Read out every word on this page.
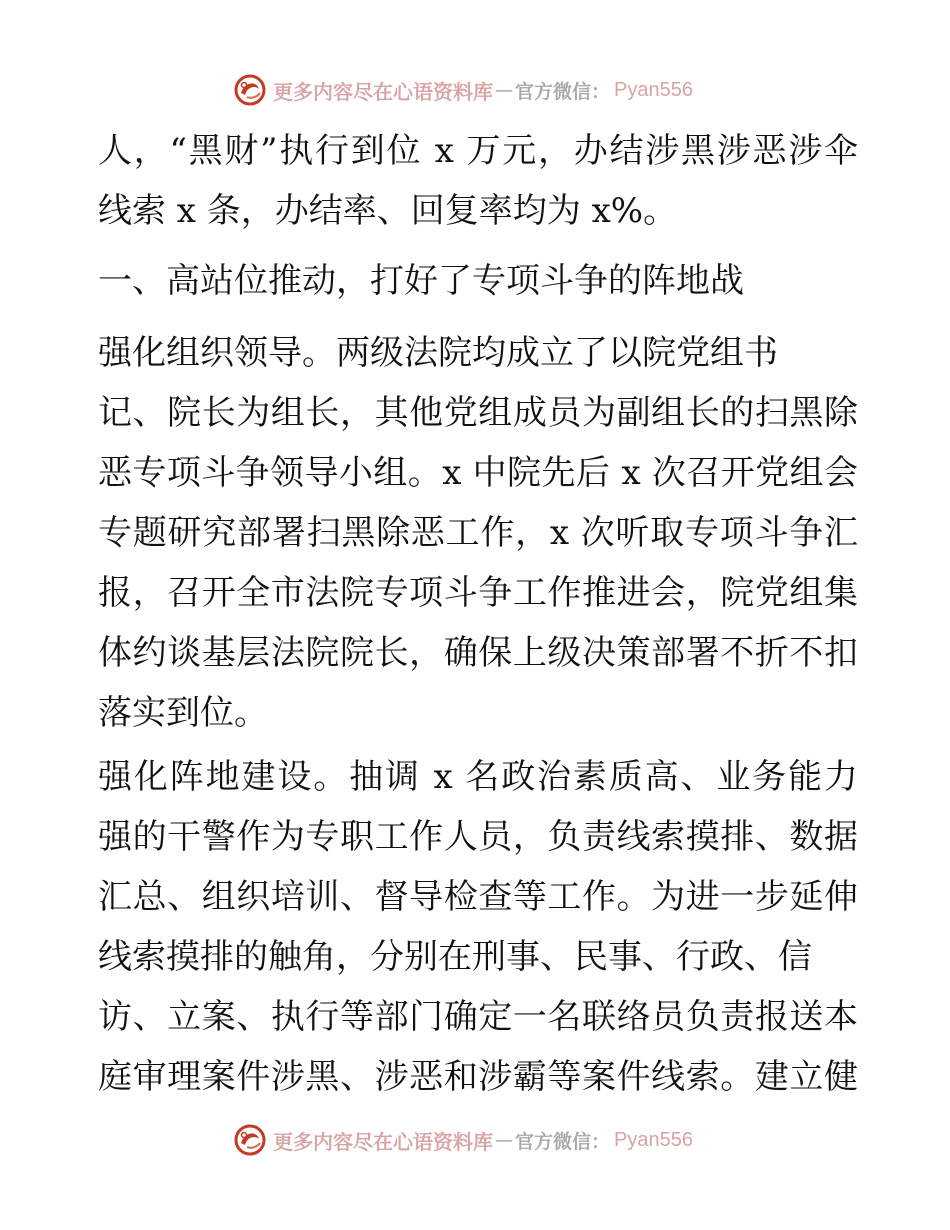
更多内容尽在心语资料库 — 官方微信： Pyan556
人，“黑财”执行到位 x 万元，办结涉黑涉恶涉伞
线索 x 条，办结率、回复率均为 x%。
一、高站位推动，打好了专项斗争的阵地战
强化组织领导。两级法院均成立了以院党组书
记、院长为组长，其他党组成员为副组长的扫黑除
恶专项斗争领导小组。x 中院先后 x 次召开党组会
专题研究部署扫黑除恶工作，x 次听取专项斗争汇
报，召开全市法院专项斗争工作推进会，院党组集
体约谈基层法院院长，确保上级决策部署不折不扣
落实到位。
强化阵地建设。抽调 x 名政治素质高、业务能力
强的干警作为专职工作人员，负责线索摸排、数据
汇总、组织培训、督导检查等工作。为进一步延伸
线索摸排的触角，分别在刑事、民事、行政、信
访、立案、执行等部门确定一名联络员负责报送本
庭审理案件涉黑、涉恶和涉霸等案件线索。建立健
更多内容尽在心语资料库 — 官方微信： Pyan556
